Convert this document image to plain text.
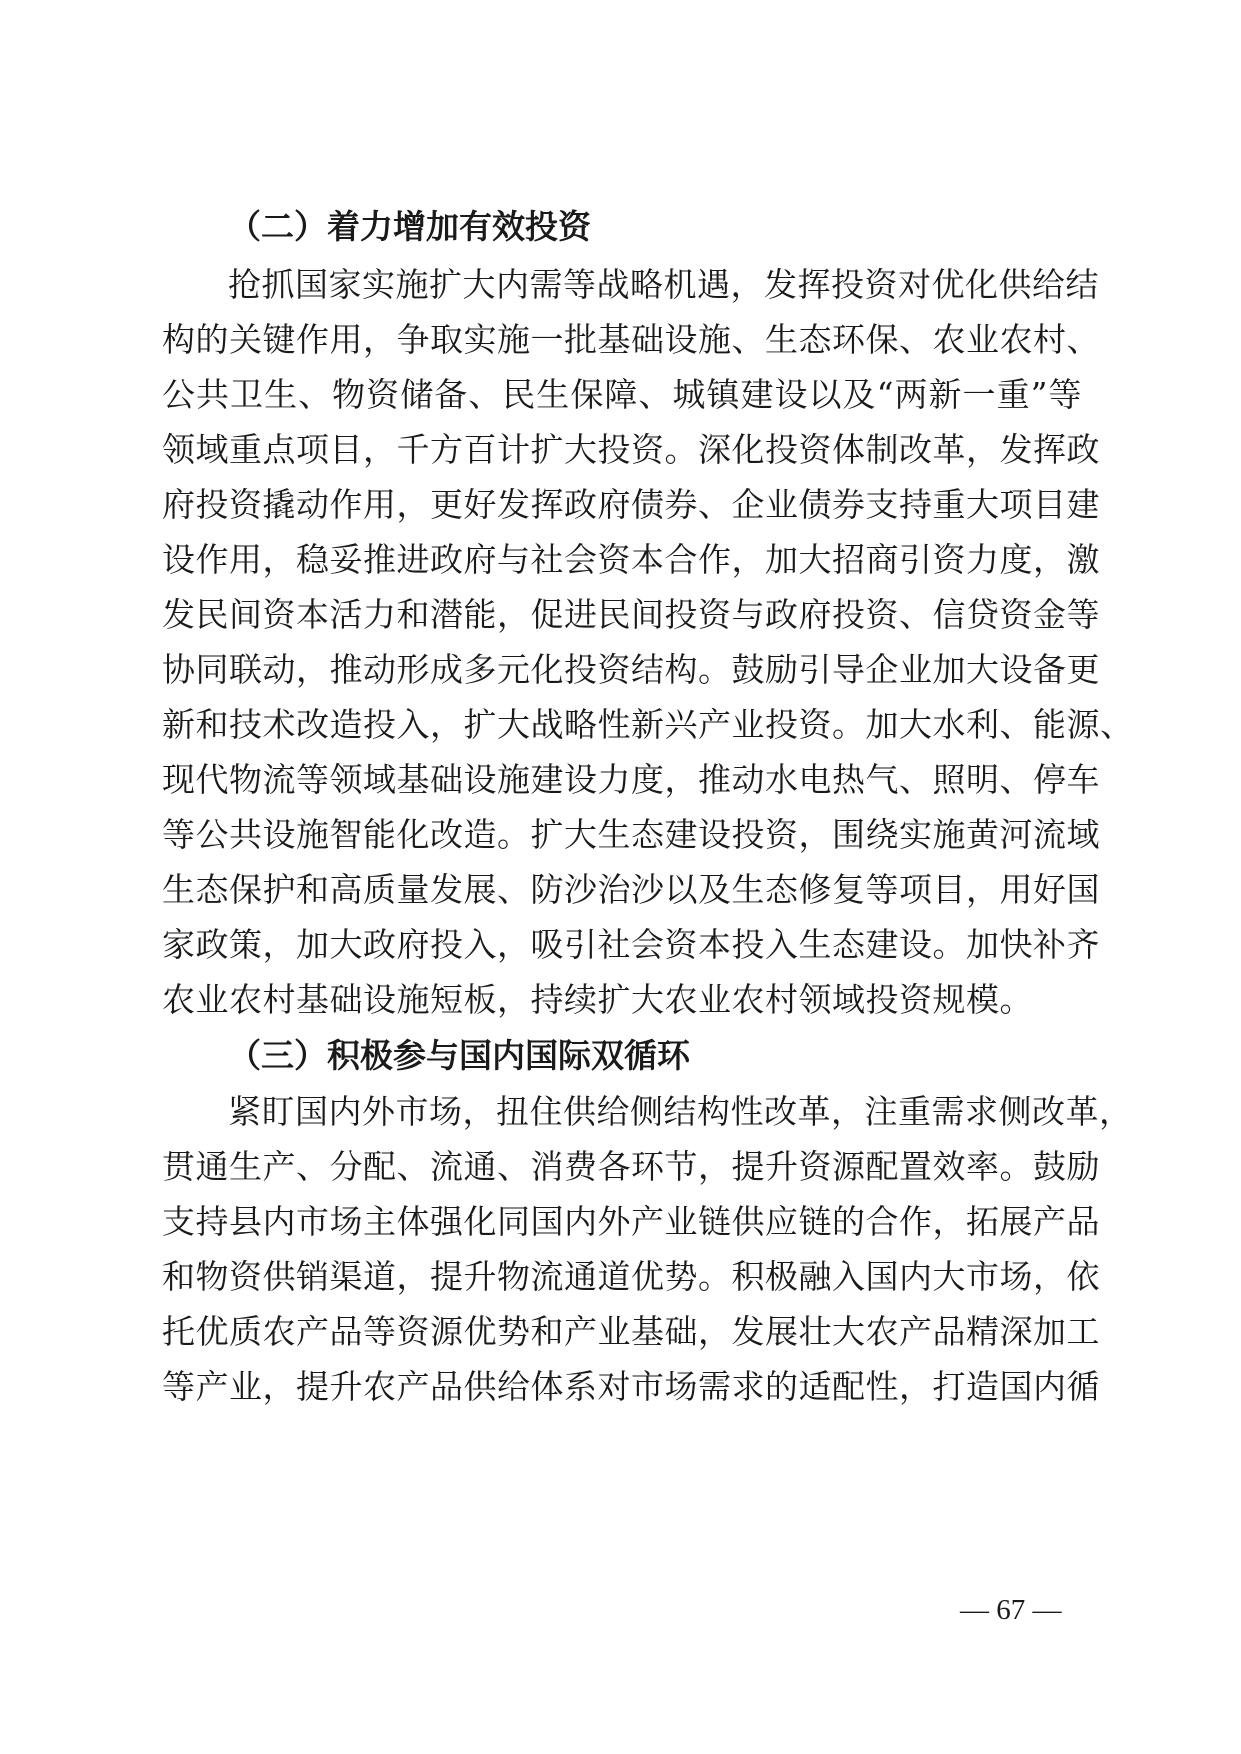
（二）着力增加有效投资
抢抓国家实施扩大内需等战略机遇，发挥投资对优化供给结
构的关键作用，争取实施一批基础设施、生态环保、农业农村、
公共卫生、物资储备、民生保障、城镇建设以及“两新一重”等
领域重点项目，千方百计扩大投资。深化投资体制改革，发挥政
府投资撬动作用，更好发挥政府债券、企业债券支持重大项目建
设作用，稳妥推进政府与社会资本合作，加大招商引资力度，激
发民间资本活力和潜能，促进民间投资与政府投资、信贷资金等
协同联动，推动形成多元化投资结构。鼓励引导企业加大设备更
新和技术改造投入，扩大战略性新兴产业投资。加大水利、能源、
现代物流等领域基础设施建设力度，推动水电热气、照明、停车
等公共设施智能化改造。扩大生态建设投资，围绕实施黄河流域
生态保护和高质量发展、防沙治沙以及生态修复等项目，用好国
家政策，加大政府投入，吸引社会资本投入生态建设。加快补齐
农业农村基础设施短板，持续扩大农业农村领域投资规模。
（三）积极参与国内国际双循环
紧盯国内外市场，扭住供给侧结构性改革，注重需求侧改革，
贯通生产、分配、流通、消费各环节，提升资源配置效率。鼓励
支持县内市场主体强化同国内外产业链供应链的合作，拓展产品
和物资供销渠道，提升物流通道优势。积极融入国内大市场，依
托优质农产品等资源优势和产业基础，发展壮大农产品精深加工
等产业，提升农产品供给体系对市场需求的适配性，打造国内循
— 67 —
